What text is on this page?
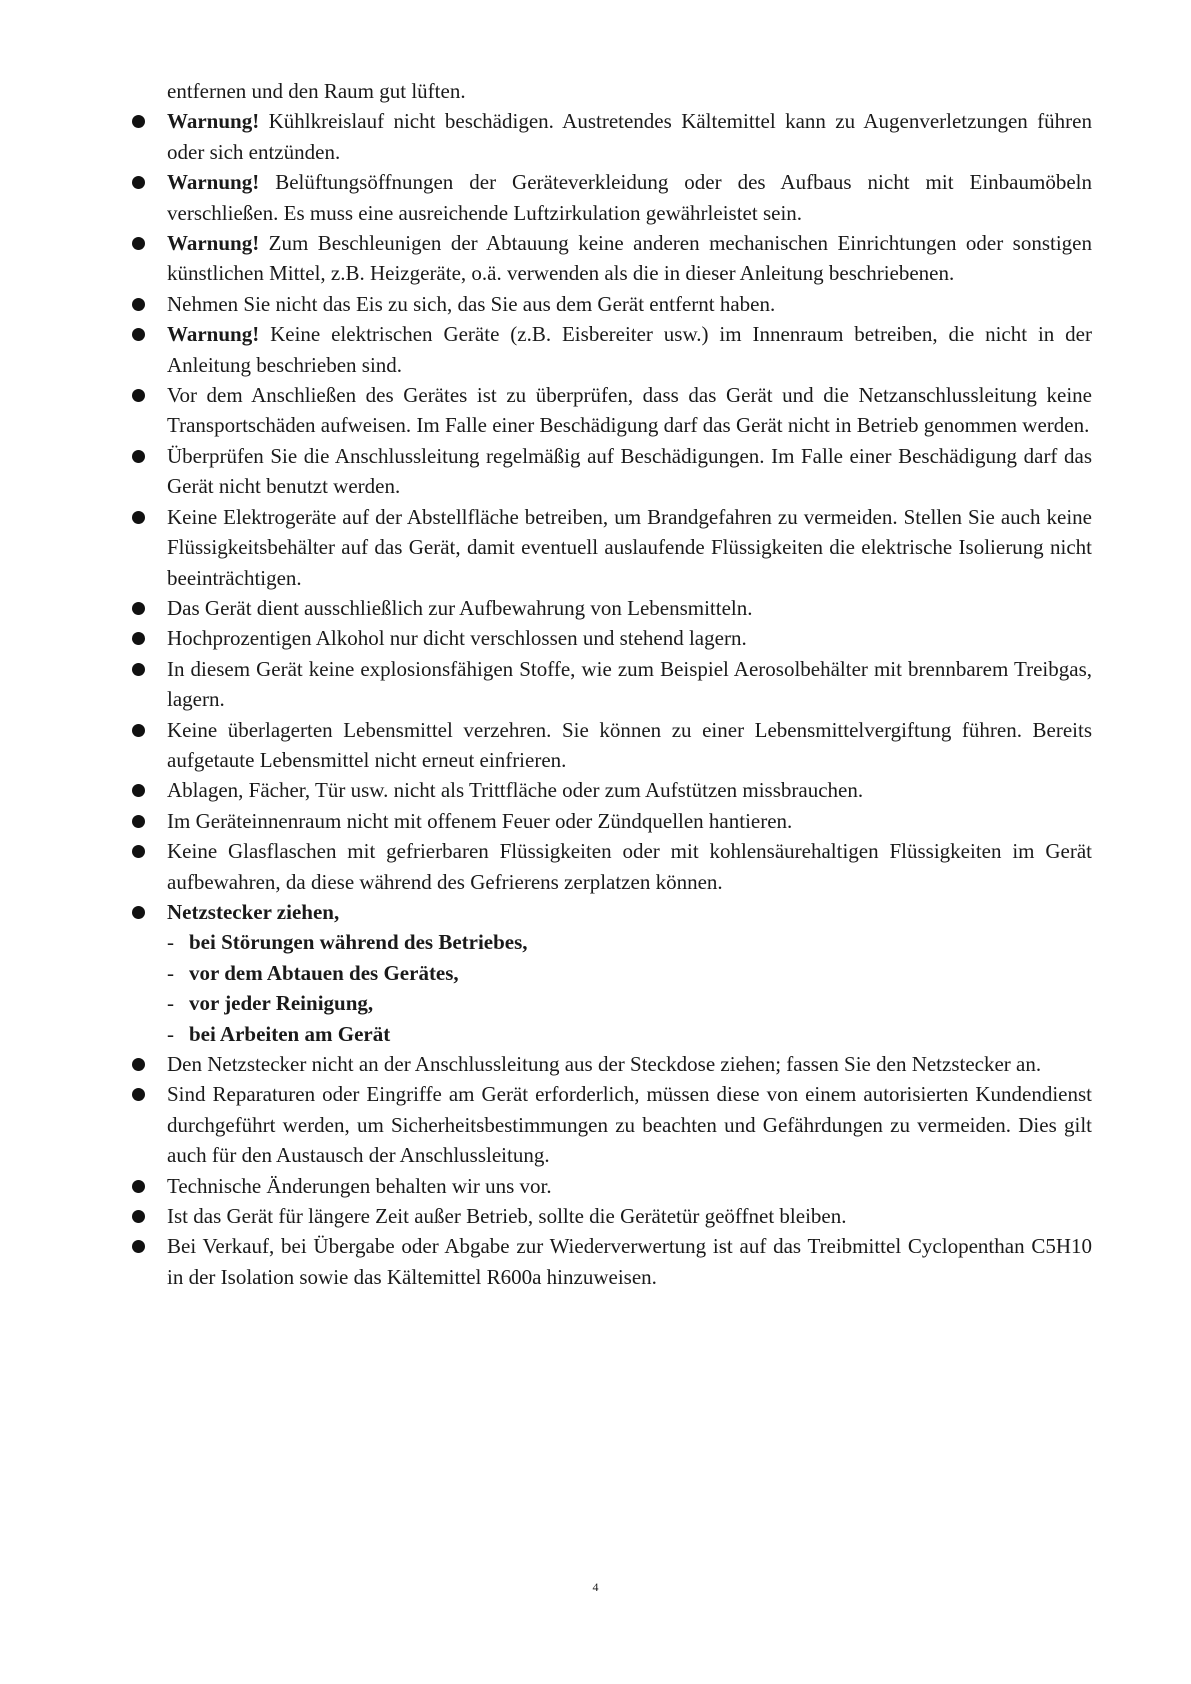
entfernen und den Raum gut lüften.
Warnung! Kühlkreislauf nicht beschädigen. Austretendes Kältemittel kann zu Augenverletzungen führen oder sich entzünden.
Warnung! Belüftungsöffnungen der Geräteverkleidung oder des Aufbaus nicht mit Einbaumöbeln verschließen. Es muss eine ausreichende Luftzirkulation gewährleistet sein.
Warnung! Zum Beschleunigen der Abtauung keine anderen mechanischen Einrichtungen oder sonstigen künstlichen Mittel, z.B. Heizgeräte, o.ä. verwenden als die in dieser Anleitung beschriebenen.
Nehmen Sie nicht das Eis zu sich, das Sie aus dem Gerät entfernt haben.
Warnung! Keine elektrischen Geräte (z.B. Eisbereiter usw.) im Innenraum betreiben, die nicht in der Anleitung beschrieben sind.
Vor dem Anschließen des Gerätes ist zu überprüfen, dass das Gerät und die Netzanschlussleitung keine Transportschäden aufweisen. Im Falle einer Beschädigung darf das Gerät nicht in Betrieb genommen werden.
Überprüfen Sie die Anschlussleitung regelmäßig auf Beschädigungen. Im Falle einer Beschädigung darf das Gerät nicht benutzt werden.
Keine Elektrogeräte auf der Abstellfläche betreiben, um Brandgefahren zu vermeiden. Stellen Sie auch keine Flüssigkeitsbehälter auf das Gerät, damit eventuell auslaufende Flüssigkeiten die elektrische Isolierung nicht beeinträchtigen.
Das Gerät dient ausschließlich zur Aufbewahrung von Lebensmitteln.
Hochprozentigen Alkohol nur dicht verschlossen und stehend lagern.
In diesem Gerät keine explosionsfähigen Stoffe, wie zum Beispiel Aerosolbehälter mit brennbarem Treibgas, lagern.
Keine überlagerten Lebensmittel verzehren. Sie können zu einer Lebensmittelvergiftung führen. Bereits aufgetaute Lebensmittel nicht erneut einfrieren.
Ablagen, Fächer, Tür usw. nicht als Trittfläche oder zum Aufstützen missbrauchen.
Im Geräteinnenraum nicht mit offenem Feuer oder Zündquellen hantieren.
Keine Glasflaschen mit gefrierbaren Flüssigkeiten oder mit kohlensäurehaltigen Flüssigkeiten im Gerät aufbewahren, da diese während des Gefrierens zerplatzen können.
Netzstecker ziehen,
- bei Störungen während des Betriebes,
- vor dem Abtauen des Gerätes,
- vor jeder Reinigung,
- bei Arbeiten am Gerät
Den Netzstecker nicht an der Anschlussleitung aus der Steckdose ziehen; fassen Sie den Netzstecker an.
Sind Reparaturen oder Eingriffe am Gerät erforderlich, müssen diese von einem autorisierten Kundendienst durchgeführt werden, um Sicherheitsbestimmungen zu beachten und Gefährdungen zu vermeiden. Dies gilt auch für den Austausch der Anschlussleitung.
Technische Änderungen behalten wir uns vor.
Ist das Gerät für längere Zeit außer Betrieb, sollte die Gerätetür geöffnet bleiben.
Bei Verkauf, bei Übergabe oder Abgabe zur Wiederverwertung ist auf das Treibmittel Cyclopenthan C5H10 in der Isolation sowie das Kältemittel R600a hinzuweisen.
4
